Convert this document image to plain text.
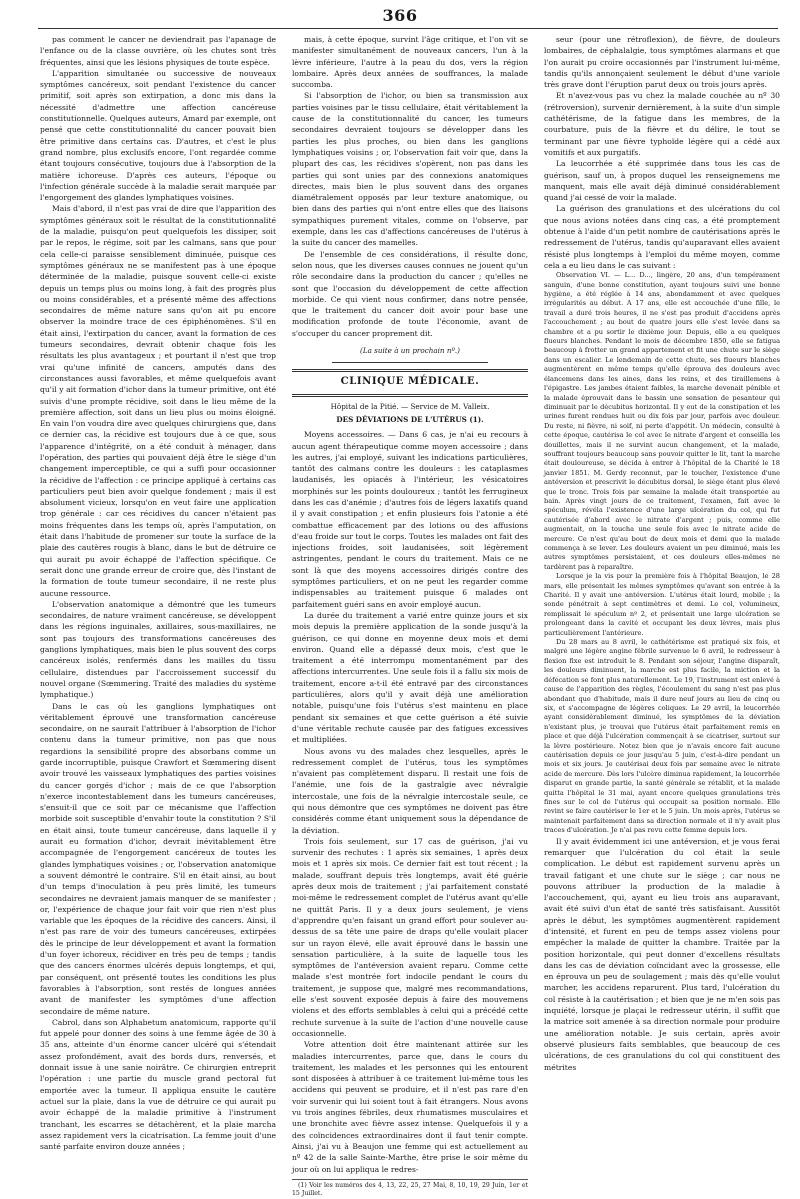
366

pas comment le cancer ne deviendrait pas l'apanage de l'enfance ou de la classe ouvrière, où les chutes sont très fréquentes, ainsi que les lésions physiques de toute espèce.

L'apparition simultanée ou successive de nouveaux symptômes cancéreux, soit pendant l'existence du cancer primitif, soit après son extirpation, a donc mis dans la nécessité d'admettre une affection cancéreuse constitutionnelle. Quelques auteurs, Amard par exemple, ont pensé que cette constitutionnalité du cancer pouvait bien être primitive dans certains cas. D'autres, et c'est le plus grand nombre, plus exclusifs encore, l'ont regardée comme étant toujours consécutive, toujours due à l'absorption de la matière ichoreuse. D'après ces auteurs, l'époque ou l'infection générale succède à la maladie serait marquée par l'engorgement des glandes lymphatiques voisines.

Mais d'abord, il n'est pas vrai de dire que l'apparition des symptômes généraux soit le résultat de la constitutionnalité de la maladie, puisqu'on peut quelquefois les dissiper, soit par le repos, le régime, soit par les calmans, sans que pour cela celle-ci paraisse sensiblement diminuée, puisque ces symptômes généraux ne se manifestent pas à une époque déterminée de la maladie, puisque souvent celle-ci existe depuis un temps plus ou moins long, à fait des progrès plus ou moins considérables, et a présenté même des affections secondaires de même nature sans qu'on ait pu encore observer la moindre trace de ces épiphénomènes. S'il en était ainsi, l'extirpation du cancer, avant la formation de ces tumeurs secondaires, devrait obtenir chaque fois les résultats les plus avantageux ; et pourtant il n'est que trop vrai qu'une infinité de cancers, amputés dans des circonstances aussi favorables, et même quelquefois avant qu'il y ait formation d'ichor dans la tumeur primitive, ont été suivis d'une prompte récidive, soit dans le lieu même de la première affection, soit dans un lieu plus ou moins éloigné. En vain l'on voudra dire avec quelques chirurgiens que, dans ce dernier cas, la récidive est toujours due à ce que, sous l'apparence d'intégrité, on a été conduit à ménager, dans l'opération, des parties qui pouvaient déjà être le siège d'un changement imperceptible, ce qui a suffi pour occasionner la récidive de l'affection : ce principe appliqué à certains cas particuliers peut bien avoir quelque fondement ; mais il est absolument vicieux, lorsqu'on en veut faire une application trop générale : car ces récidives du cancer n'étaient pas moins fréquentes dans les temps où, après l'amputation, on était dans l'habitude de promener sur toute la surface de la plaie des cautères rougis à blanc, dans le but de détruire ce qui aurait pu avoir échappé de l'affection spécifique. Ce serait donc une grande erreur de croire que, dès l'instant de la formation de toute tumeur secondaire, il ne reste plus aucune ressource.

L'observation anatomique a démontré que les tumeurs secondaires, de nature vraiment cancéreuse, se développent dans les régions inguinales, axillaires, sous-maxillaires, ne sont pas toujours des transformations cancéreuses des ganglions lymphatiques, mais bien le plus souvent des corps cancéreux isolés, renfermés dans les mailles du tissu cellulaire, distendues par l'accroissement successif du nouvel organe (Sœmmering. Traité des maladies du système lymphatique.)

Dans le cas où les ganglions lymphatiques ont véritablement éprouvé une transformation cancéreuse secondaire, on ne saurait l'attribuer à l'absorption de l'ichor contenu dans la tumeur primitive, non pas que nous regardions la sensibilité propre des absorbans comme un garde incorruptible, puisque Crawfort et Sœmmering disent avoir trouvé les vaisseaux lymphatiques des parties voisines du cancer gorgés d'ichor ; mais de ce que l'absorption n'exerce incontestablement dans les tumeurs cancéreuses, s'ensuit-il que ce soit par ce mécanisme que l'affection morbide soit susceptible d'envahir toute la constitution ? S'il en était ainsi, toute tumeur cancéreuse, dans laquelle il y aurait eu formation d'ichor, devrait inévitablement être accompagnée de l'engorgement cancéreux de toutes les glandes lymphatiques voisines ; or, l'observation anatomique a souvent démontré le contraire. S'il en était ainsi, au bout d'un temps d'inoculation à peu près limité, les tumeurs secondaires ne devraient jamais manquer de se manifester ; or, l'expérience de chaque jour fait voir que rien n'est plus variable que les époques de la récidive des cancers. Ainsi, il n'est pas rare de voir des tumeurs cancéreuses, extirpées dès le principe de leur développement et avant la formation d'un foyer ichoreux, récidiver en très peu de temps ; tandis que des cancers énormes ulcérés depuis longtemps, et qui, par conséquent, ont présenté toutes les conditions les plus favorables à l'absorption, sont restés de longues années avant de manifester les symptômes d'une affection secondaire de même nature.

Cabrol, dans son Alphabetum anatomicum, rapporte qu'il fut appelé pour donner des soins à une femme âgée de 30 à 35 ans, atteinte d'un énorme cancer ulcéré qui s'étendait assez profondément, avait des bords durs, renversés, et donnait issue à une sanie noirâtre. Ce chirurgien entreprit l'opération : une partie du muscle grand pectoral fut emportée avec la tumeur. Il appliqua ensuite le cautère actuel sur la plaie, dans la vue de détruire ce qui aurait pu avoir échappé de la maladie primitive à l'instrument tranchant, les escarres se détachèrent, et la plaie marcha assez rapidement vers la cicatrisation. La femme jouit d'une santé parfaite environ douze années ;

mais, à cette époque, survint l'âge critique, et l'on vit se manifester simultanément de nouveaux cancers, l'un à la lèvre inférieure, l'autre à la peau du dos, vers la région lombaire. Après deux années de souffrances, la malade succomba.

Si l'absorption de l'ichor, ou bien sa transmission aux parties voisines par le tissu cellulaire, était véritablement la cause de la constitutionnalité du cancer, les tumeurs secondaires devraient toujours se développer dans les parties les plus proches, ou bien dans les ganglions lymphatiques voisins ; or, l'observation fait voir que, dans la plupart des cas, les récidives s'opèrent, non pas dans les parties qui sont unies par des connexions anatomiques directes, mais bien le plus souvent dans des organes diamétralement opposés par leur texture anatomique, ou bien dans des parties qui n'ont entre elles que des liaisons sympathiques purement vitales, comme on l'observe, par exemple, dans les cas d'affections cancéreuses de l'utérus à la suite du cancer des mamelles.

De l'ensemble de ces considérations, il résulte donc, selon nous, que les diverses causes connues ne jouent qu'un rôle secondaire dans la production du cancer ; qu'elles ne sont que l'occasion du développement de cette affection morbide. Ce qui vient nous confirmer, dans notre pensée, que le traitement du cancer doit avoir pour base une modification profonde de toute l'économie, avant de s'occuper du cancer proprement dit.

(La suite à un prochain nº.)
CLINIQUE MÉDICALE.
Hôpital de la Pitié. — Service de M. Valleix.
DES DÉVIATIONS DE L'UTÉRUS (1).

Moyens accessoires. — Dans 6 cas, je n'ai eu recours à aucun agent thérapeutique comme moyen accessoire ; dans les autres, j'ai employé, suivant les indications particulières, tantôt des calmans contre les douleurs : les cataplasmes laudanisés, les opiacés à l'intérieur, les vésicatoires morphinés sur les points douloureux ; tantôt les ferrugineux dans les cas d'anémie ; d'autres fois de légers laxatifs quand il y avait constipation ; et enfin plusieurs fois l'atonie a été combattue efficacement par des lotions ou des affusions d'eau froide sur tout le corps. Toutes les malades ont fait des injections froides, soit laudanisées, soit légèrement astringentes, pendant le cours du traitement. Mais ce ne sont là que des moyens accessoires dirigés contre des symptômes particuliers, et on ne peut les regarder comme indispensables au traitement puisque 6 malades ont parfaitement guéri sans en avoir employé aucun.

La durée du traitement a varié entre quinze jours et six mois depuis la première application de la sonde jusqu'à la guérison, ce qui donne en moyenne deux mois et demi environ. Quand elle a dépassé deux mois, c'est que le traitement a été interrompu momentanément par des affections intercurrentes. Une seule fois il a fallu six mois de traitement, encore a-t-il été entravé par des circonstances particulières, alors qu'il y avait déjà une amélioration notable, puisqu'une fois l'utérus s'est maintenu en place pendant six semaines et que cette guérison a été suivie d'une véritable rechute causée par des fatigues excessives et multipliées.

Nous avons vu des malades chez lesquelles, après le redressement complet de l'utérus, tous les symptômes n'avaient pas complètement disparu. Il restait une fois de l'anémie, une fois de la gastralgie avec névralgie intercostale, une fois de la névralgie intercostale seule, ce qui nous démontre que ces symptômes ne doivent pas être considérés comme étant uniquement sous la dépendance de la déviation.

Trois fois seulement, sur 17 cas de guérison, j'ai vu survenir des rechutes : 1 après six semaines, 1 après deux mois et 1 après six mois. Ce dernier fait est tout récent ; la malade, souffrant depuis très longtemps, avait été guérie après deux mois de traitement ; j'ai parfaitement constaté moi-même le redressement complet de l'utérus avant qu'elle ne quittât Paris. Il y a deux jours seulement, je viens d'apprendre qu'en faisant un grand effort pour soulever au-dessus de sa tête une paire de draps qu'elle voulait placer sur un rayon élevé, elle avait éprouvé dans le bassin une sensation particulière, à la suite de laquelle tous les symptômes de l'antéversion avaient reparu. Comme cette malade s'est montrée fort indocile pendant le cours du traitement, je suppose que, malgré mes recommandations, elle s'est souvent exposée depuis à faire des mouvemens violens et des efforts semblables à celui qui a précédé cette rechute survenue à la suite de l'action d'une nouvelle cause occasionnelle.

Votre attention doit être maintenant attirée sur les maladies intercurrentes, parce que, dans le cours du traitement, les malades et les personnes qui les entourent sont disposées à attribuer à ce traitement lui-même tous les accidens qui peuvent se produire, et il n'est pas rare d'en voir survenir qui lui soient tout à fait étrangers. Nous avons vu trois angines fébriles, deux rhumatismes musculaires et une bronchite avec fièvre assez intense. Quelquefois il y a des coïncidences extraordinaires dont il faut tenir compte. Ainsi, j'ai vu à Beaujon une femme qui est actuellement au nº 42 de la salle Sainte-Marthe, être prise le soir même du jour où on lui appliqua le redres-

(1) Voir les numéros des 4, 13, 22, 25, 27 Mai, 8, 10, 19, 29 Juin, 1er et 15 Juillet.

seur (pour une rétroflexion), de fièvre, de douleurs lombaires, de céphalalgie, tous symptômes alarmans et que l'on aurait pu croire occasionnés par l'instrument lui-même, tandis qu'ils annonçaient seulement le début d'une variole très grave dont l'éruption parut deux ou trois jours après.

Et n'avez-vous pas vu chez la malade couchée au nº 30 (rétroversion), survenir dernièrement, à la suite d'un simple cathétérisme, de la fatigue dans les membres, de la courbature, puis de la fièvre et du délire, le tout se terminant par une fièvre typhoïde légère qui a cédé aux vomitifs et aux purgatifs.

La leucorrhée a été supprimée dans tous les cas de guérison, sauf un, à propos duquel les renseignemens me manquent, mais elle avait déjà diminué considérablement quand j'ai cessé de voir la malade.

La guérison des granulations et des ulcérations du col que nous avions notées dans cinq cas, a été promptement obtenue à l'aide d'un petit nombre de cautérisations après le redressement de l'utérus, tandis qu'auparavant elles avaient résisté plus longtemps à l'emploi du même moyen, comme cela a eu lieu dans le cas suivant :

Observation VI. — L... D..., lingère, 20 ans, d'un tempérament sanguin, d'une bonne constitution, ayant toujours suivi une bonne hygiène, a été réglée à 14 ans, abondamment et avec quelques irrégularités au début. A 17 ans, elle est accouchée d'une fille, le travail a duré trois heures, il ne s'est pas produit d'accidens après l'accouchement ; au bout de quatre jours elle s'est levée dans sa chambre et a pu sortir le dixième jour. Depuis, elle a eu quelques flueurs blanches. Pendant le mois de décembre 1850, elle se fatigua beaucoup à frotter un grand appartement et fit une chute sur le siège dans un escalier. Le lendemain de cette chute, ses flueurs blanches augmentèrent en même temps qu'elle éprouva des douleurs avec élancemens dans les aines, dans les reins, et des tiraillemens à l'épigastre. Les jambes étaient faibles, la marche devenait pénible et la malade éprouvait dans le bassin une sensation de pesanteur qui diminuait par le décubitus horizontal. Il y eut de la constipation et les urines furent rendues huit ou dix fois par jour, parfois avec douleur. Du reste, ni fièvre, ni soif, ni perte d'appétit. Un médecin, consulté à cette époque, cautérisa le col avec le nitrate d'argent et conseilla les douillettes, mais il ne survint aucun changement, et la malade, souffrant toujours beaucoup sans pouvoir quitter le lit, tant la marche était douloureuse, se décida à entrer à l'hôpital de la Charité le 18 janvier 1851. M. Gerdy reconnut, par le toucher, l'existence d'une antéversion et prescrivit le décubitus dorsal, le siège étant plus élevé que le tronc. Trois fois par semaine la malade était transportée au bain. Après vingt jours de ce traitement, l'examen, fait avec le spéculum, révéla l'existence d'une large ulcération du col, qui fut cautérisée d'abord avec le nitrate d'argent ; puis, comme elle augmentait, on la toucha une seule fois avec le nitrate acide de mercure. Ce n'est qu'au bout de deux mois et demi que la malade commença à se lever. Les douleurs avaient un peu diminué, mais les autres symptômes persistaient, et ces douleurs elles-mêmes ne tardèrent pas à reparaître.

Lorsque je la vis pour la première fois à l'hôpital Beaujon, le 28 mars, elle présentait les mêmes symptômes qu'avant son entrée à la Charité. Il y avait une antéversion. L'utérus était lourd, mobile ; la sonde pénétrait à sept centimètres et demi. Le col, volumineux, remplissait le spéculum nº 2, et présentait une large ulcération se prolongeant dans la cavité et occupant les deux lèvres, mais plus particulièrement l'antérieure.

Du 28 mars au 8 avril, le cathétérisme est pratiqué six fois, et malgré une légère angine fébrile survenue le 6 avril, le redresseur à flexion fixe est introduit le 8. Pendant son séjour, l'angine disparaît, les douleurs diminuent, la marche est plus facile, la miction et la défécation se font plus naturellement. Le 19, l'instrument est enlevé à cause de l'apparition des règles, l'écoulement du sang n'est pas plus abondant que d'habitude, mais il dure neuf jours au lieu de cinq ou six, et s'accompagne de légères coliques. Le 29 avril, la leucorrhée ayant considérablement diminué, les symptômes de la déviation n'existant plus, je trouvai que l'utérus était parfaitement remis en place et que déjà l'ulcération commençait à se cicatriser, surtout sur la lèvre postérieure. Notez bien que je n'avais encore fait aucune cautérisation depuis ce jour jusqu'au 5 juin, c'est-à-dire pendant un mois et six jours. Je cautérisai deux fois par semaine avec le nitrate acide de mercure. Dès lors l'ulcère diminua rapidement, la leucorrhée disparut en grande partie, la santé générale se rétablit, et la malade quitta l'hôpital le 31 mai, ayant encore quelques granulations très fines sur le col de l'utérus qui occupait sa position normale. Elle revint se faire cautériser le 1er et le 5 juin. Un mois après, l'utérus se maintenait parfaitement dans sa direction normale et il n'y avait plus traces d'ulcération. Je n'ai pas revu cette femme depuis lors.

Il y avait évidemment ici une antéversion, et je vous ferai remarquer que l'ulcération du col était la seule complication. Le début est rapidement survenu après un travail fatigant et une chute sur le siège ; car nous ne pouvons attribuer la production de la maladie à l'accouchement, qui, ayant eu lieu trois ans auparavant, avait été suivi d'un état de santé très satisfaisant. Aussitôt après le début, les symptômes augmentèrent rapidement d'intensité, et furent en peu de temps assez violens pour empêcher la malade de quitter la chambre. Traitée par la position horizontale, qui peut donner d'excellens résultats dans les cas de déviation coïncidant avec la grossesse, elle en éprouva un peu de soulagement ; mais dès qu'elle voulut marcher, les accidens reparurent. Plus tard, l'ulcération du col résiste à la cautérisation ; et bien que je ne m'en sois pas inquiété, lorsque je plaçai le redresseur utérin, il suffit que la matrice soit amenée à sa direction normale pour produire une amélioration notable. Je suis certain, après avoir observé plusieurs faits semblables, que beaucoup de ces ulcérations, de ces granulations du col qui constituent des métrites
